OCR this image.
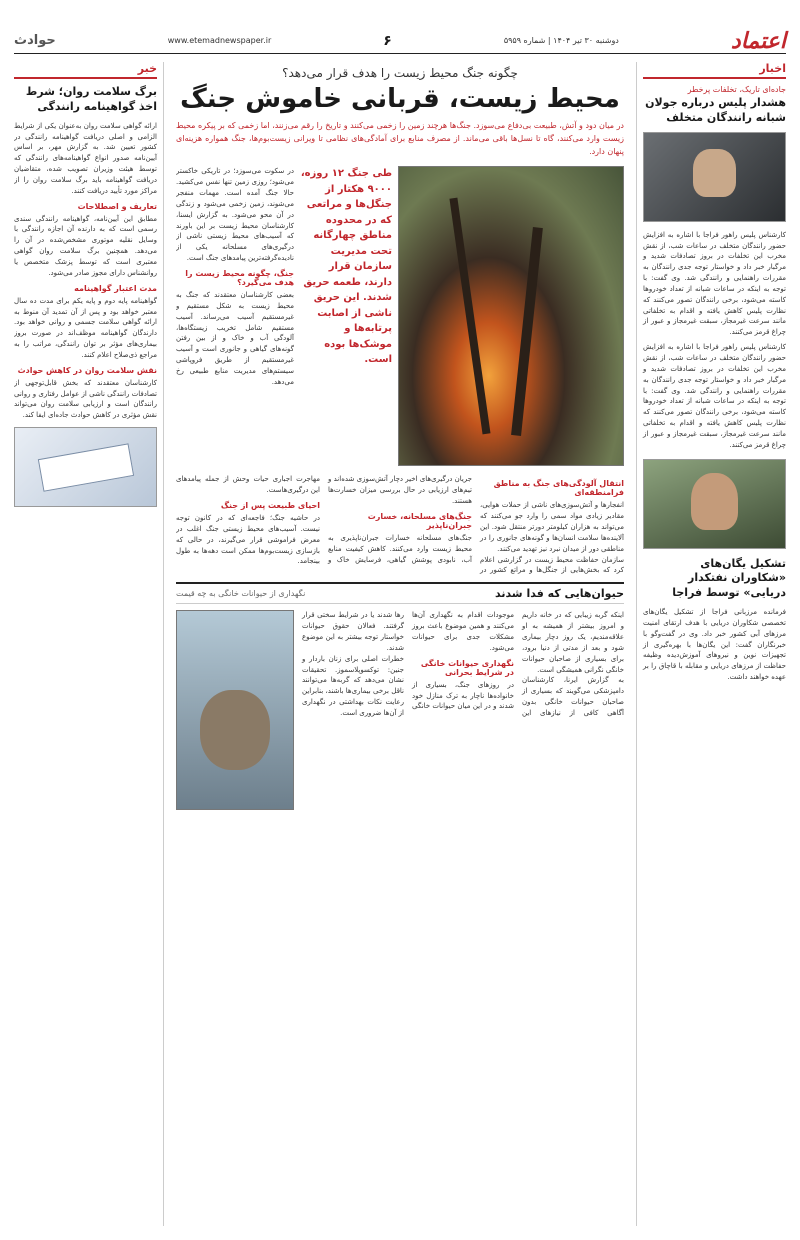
اعتماد
دوشنبه ۳۰ تیر ۱۴۰۴ | شماره ۵۹۵۹
۶
www.etemadnewspaper.ir
حوادث
اخبار
جاده‌ای تاریک، تخلفات پرخطر
هشدار پلیس درباره جولان شبانه رانندگان متخلف

کارشناس پلیس راهور فراجا با اشاره به افزایش حضور رانندگان متخلف در ساعات شب، از نقش مخرب این تخلفات در بروز تصادفات شدید و مرگبار خبر داد و خواستار توجه جدی رانندگان به مقررات راهنمایی و رانندگی شد. وی گفت: با توجه به اینکه در ساعات شبانه از تعداد خودروها کاسته می‌شود، برخی رانندگان تصور می‌کنند که نظارت پلیس کاهش یافته و اقدام به تخلفاتی مانند سرعت غیرمجاز، سبقت غیرمجاز و عبور از چراغ قرمز می‌کنند.

کارشناس پلیس راهور فراجا با اشاره به افزایش حضور رانندگان متخلف در ساعات شب، از نقش مخرب این تخلفات در بروز تصادفات شدید و مرگبار خبر داد و خواستار توجه جدی رانندگان به مقررات راهنمایی و رانندگی شد. وی گفت: با توجه به اینکه در ساعات شبانه از تعداد خودروها کاسته می‌شود، برخی رانندگان تصور می‌کنند که نظارت پلیس کاهش یافته و اقدام به تخلفاتی مانند سرعت غیرمجاز، سبقت غیرمجاز و عبور از چراغ قرمز می‌کنند.

تشکیل یگان‌های «شکاوران نفتکدار دریایی» توسط فراجا

فرمانده مرزبانی فراجا از تشکیل یگان‌های تخصصی شکاوران دریایی با هدف ارتقای امنیت مرزهای آبی کشور خبر داد. وی در گفت‌وگو با خبرنگاران گفت: این یگان‌ها با بهره‌گیری از تجهیزات نوین و نیروهای آموزش‌دیده وظیفه حفاظت از مرزهای دریایی و مقابله با قاچاق را بر عهده خواهند داشت.

خبر
برگ سلامت روان؛ شرط اخذ گواهینامه رانندگی

ارائه گواهی سلامت روان به‌عنوان یکی از شرایط الزامی و اصلی دریافت گواهینامه رانندگی در کشور تعیین شد. به گزارش مهر، بر اساس آیین‌نامه صدور انواع گواهینامه‌های رانندگی که توسط هیئت وزیران تصویب شده، متقاضیان دریافت گواهینامه باید برگ سلامت روان را از مراکز مورد تأیید دریافت کنند.

تعاریف و اصطلاحات

مطابق این آیین‌نامه، گواهینامه رانندگی سندی رسمی است که به دارنده آن اجازه رانندگی با وسایل نقلیه موتوری مشخص‌شده در آن را می‌دهد. همچنین برگ سلامت روان گواهی معتبری است که توسط پزشک متخصص یا روانشناس دارای مجوز صادر می‌شود.

مدت اعتبار گواهینامه

گواهینامه پایه دوم و پایه یکم برای مدت ده سال معتبر خواهد بود و پس از آن تمدید آن منوط به ارائه گواهی سلامت جسمی و روانی خواهد بود. دارندگان گواهینامه موظف‌اند در صورت بروز بیماری‌های مؤثر بر توان رانندگی، مراتب را به مراجع ذی‌صلاح اعلام کنند.

نقش سلامت روان در کاهش حوادث

کارشناسان معتقدند که بخش قابل‌توجهی از تصادفات رانندگی ناشی از عوامل رفتاری و روانی رانندگان است و ارزیابی سلامت روان می‌تواند نقش مؤثری در کاهش حوادث جاده‌ای ایفا کند.

چگونه جنگ محیط زیست را هدف قرار می‌دهد؟
محیط زیست، قربانی خاموش جنگ

در میان دود و آتش، طبیعت بی‌دفاع می‌سوزد. جنگ‌ها هرچند زمین را زخمی می‌کنند و تاریخ را رقم می‌زنند، اما زخمی که بر پیکره محیط زیست وارد می‌کنند، گاه تا نسل‌ها باقی می‌ماند. از مصرف منابع برای آمادگی‌های نظامی تا ویرانی زیست‌بوم‌ها، جنگ همواره هزینه‌ای پنهان دارد.

طی جنگ ۱۲ روزه، ۹۰۰۰ هکتار از جنگل‌ها و مراتعی که در محدوده مناطق چهارگانه تحت مدیریت سازمان قرار دارند، طعمه حریق شدند. این حریق ناشی از اصابت پرتابه‌ها و موشک‌ها بوده است.

در سکوت می‌سوزد؛ در تاریکی خاکستر می‌شود؛ روزی زمین تنها نفس می‌کشید. حالا جنگ آمده است. مهمات منفجر می‌شوند، زمین زخمی می‌شود و زندگی در آن محو می‌شود. به گزارش ایسنا، کارشناسان محیط زیست بر این باورند که آسیب‌های محیط زیستی ناشی از درگیری‌های مسلحانه یکی از نادیده‌گرفته‌ترین پیامدهای جنگ است.

جنگ، چگونه محیط زیست را هدف می‌گیرد؟

بعضی کارشناسان معتقدند که جنگ به محیط زیست به شکل مستقیم و غیرمستقیم آسیب می‌رساند. آسیب مستقیم شامل تخریب زیستگاه‌ها، آلودگی آب و خاک و از بین رفتن گونه‌های گیاهی و جانوری است و آسیب غیرمستقیم از طریق فروپاشی سیستم‌های مدیریت منابع طبیعی رخ می‌دهد.

انتقال آلودگی‌های جنگ به مناطق فرامنطقه‌ای

انفجارها و آتش‌سوزی‌های ناشی از حملات هوایی، مقادیر زیادی مواد سمی را وارد جو می‌کنند که می‌تواند به هزاران کیلومتر دورتر منتقل شود. این آلاینده‌ها سلامت انسان‌ها و گونه‌های جانوری را در مناطقی دور از میدان نبرد نیز تهدید می‌کنند.

سازمان حفاظت محیط زیست در گزارشی اعلام کرد که بخش‌هایی از جنگل‌ها و مراتع کشور در جریان درگیری‌های اخیر دچار آتش‌سوزی شده‌اند و تیم‌های ارزیابی در حال بررسی میزان خسارت‌ها هستند.

جنگ‌های مسلحانه، خسارت جبران‌ناپذیر

جنگ‌های مسلحانه خسارات جبران‌ناپذیری به محیط زیست وارد می‌کنند. کاهش کیفیت منابع آب، نابودی پوشش گیاهی، فرسایش خاک و مهاجرت اجباری حیات وحش از جمله پیامدهای این درگیری‌هاست.

احیای طبیعت پس از جنگ

در حاشیه جنگ؛ فاجعه‌ای که در کانون توجه نیست. آسیب‌های محیط زیستی جنگ اغلب در معرض فراموشی قرار می‌گیرند، در حالی که بازسازی زیست‌بوم‌ها ممکن است دهه‌ها به طول بینجامد.

حیوان‌هایی که فدا شدند
نگهداری از حیوانات خانگی به چه قیمت

اینکه گربه زیبایی که در خانه داریم و امروز بیشتر از همیشه به او علاقه‌مندیم، یک روز دچار بیماری شود و بعد از مدتی از دنیا برود، برای بسیاری از صاحبان حیوانات خانگی نگرانی همیشگی است.

به گزارش ایرنا، کارشناسان دامپزشکی می‌گویند که بسیاری از صاحبان حیوانات خانگی بدون آگاهی کافی از نیازهای این موجودات اقدام به نگهداری آن‌ها می‌کنند و همین موضوع باعث بروز مشکلات جدی برای حیوانات می‌شود.

نگهداری حیوانات خانگی در شرایط بحرانی

در روزهای جنگ، بسیاری از خانواده‌ها ناچار به ترک منازل خود شدند و در این میان حیوانات خانگی رها شدند یا در شرایط سختی قرار گرفتند. فعالان حقوق حیوانات خواستار توجه بیشتر به این موضوع شدند.

خطرات اصلی برای زنان باردار و جنین: توکسوپلاسموز. تحقیقات نشان می‌دهد که گربه‌ها می‌توانند ناقل برخی بیماری‌ها باشند، بنابراین رعایت نکات بهداشتی در نگهداری از آن‌ها ضروری است.
